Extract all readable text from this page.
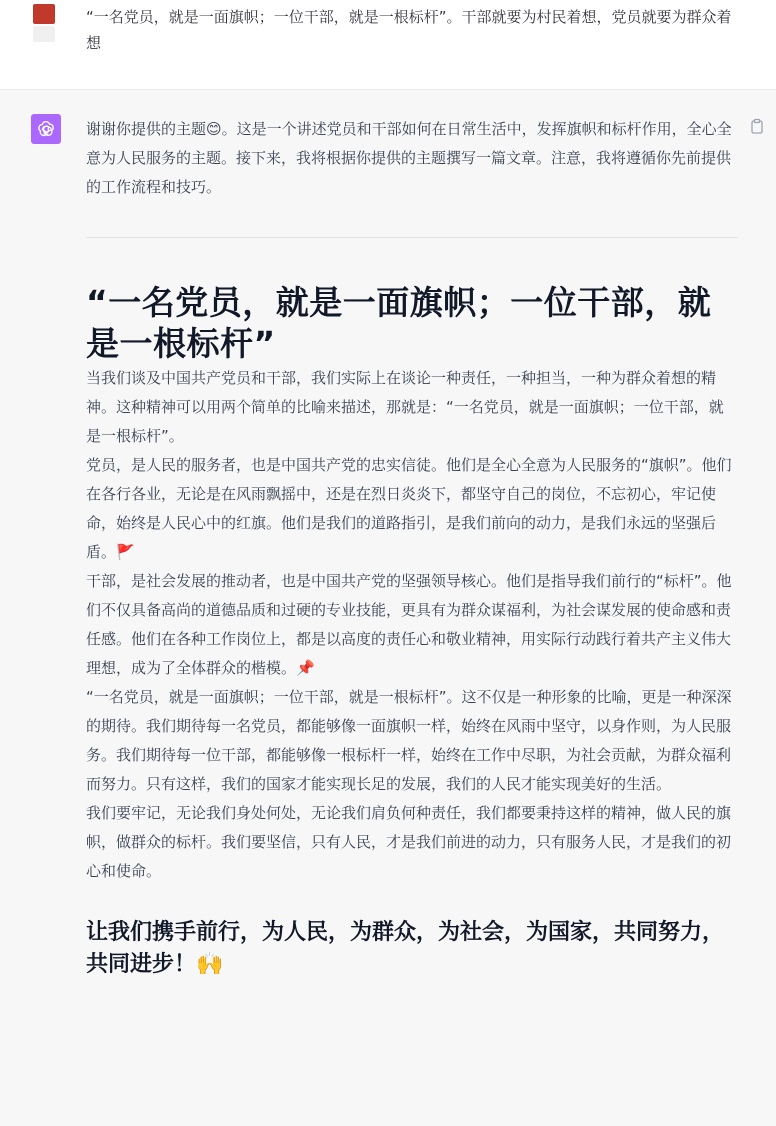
“一名党员，就是一面旗帜；一位干部，就是一根标杆”。干部就要为村民着想，党员就要为群众着想

谢谢你提供的主题😊。这是一个讲述党员和干部如何在日常生活中，发挥旗帜和标杆作用，全心全意为人民服务的主题。接下来，我将根据你提供的主题撰写一篇文章。注意，我将遵循你先前提供的工作流程和技巧。

“一名党员，就是一面旗帜；一位干部，就是一根标杆”

当我们谈及中国共产党员和干部，我们实际上在谈论一种责任，一种担当，一种为群众着想的精神。这种精神可以用两个简单的比喻来描述，那就是：“一名党员，就是一面旗帜；一位干部，就是一根标杆”。

党员，是人民的服务者，也是中国共产党的忠实信徒。他们是全心全意为人民服务的“旗帜”。他们在各行各业，无论是在风雨飘摇中，还是在烈日炎炎下，都坚守自己的岗位，不忘初心，牢记使命，始终是人民心中的红旗。他们是我们的道路指引，是我们前向的动力，是我们永远的坚强后盾。🚩

干部，是社会发展的推动者，也是中国共产党的坚强领导核心。他们是指导我们前行的“标杆”。他们不仅具备高尚的道德品质和过硬的专业技能，更具有为群众谋福利，为社会谋发展的使命感和责任感。他们在各种工作岗位上，都是以高度的责任心和敬业精神，用实际行动践行着共产主义伟大理想，成为了全体群众的楷模。📌

“一名党员，就是一面旗帜；一位干部，就是一根标杆”。这不仅是一种形象的比喻，更是一种深深的期待。我们期待每一名党员，都能够像一面旗帜一样，始终在风雨中坚守，以身作则，为人民服务。我们期待每一位干部，都能够像一根标杆一样，始终在工作中尽职，为社会贡献，为群众福利而努力。只有这样，我们的国家才能实现长足的发展，我们的人民才能实现美好的生活。

我们要牢记，无论我们身处何处，无论我们肩负何种责任，我们都要秉持这样的精神，做人民的旗帜，做群众的标杆。我们要坚信，只有人民，才是我们前进的动力，只有服务人民，才是我们的初心和使命。

让我们携手前行，为人民，为群众，为社会，为国家，共同努力，共同进步！🙌
